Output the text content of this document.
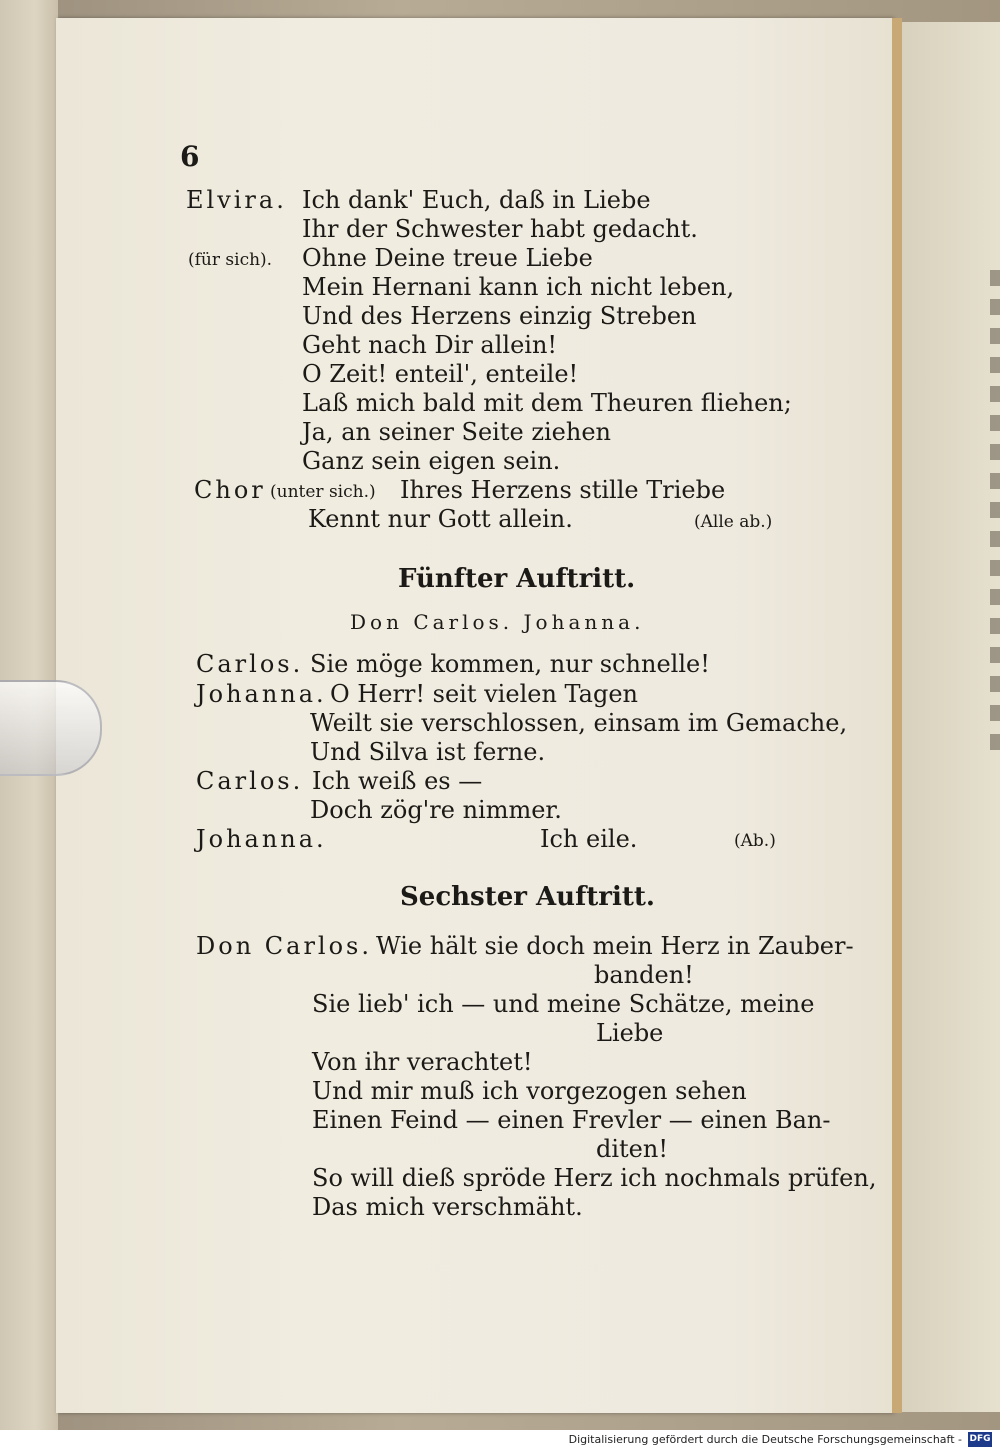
6
Elvira. Ich dank' Euch, daß in Liebe
Ihr der Schwester habt gedacht.
(für sich). Ohne Deine treue Liebe
Mein Hernani kann ich nicht leben,
Und des Herzens einzig Streben
Geht nach Dir allein!
O Zeit! enteil', enteile!
Laß mich bald mit dem Theuren fliehen;
Ja, an seiner Seite ziehen
Ganz sein eigen sein.
Chor (unter sich.) Ihres Herzens stille Triebe
Kennt nur Gott allein.	(Alle ab.)
Fünfter Auftritt.
Don Carlos. Johanna.
Carlos. Sie möge kommen, nur schnelle!
Johanna. O Herr! seit vielen Tagen
Weilt sie verschlossen, einsam im Gemache,
Und Silva ist ferne.
Carlos. Ich weiß es —
Doch zög're nimmer.
Johanna.	Ich eile.	(Ab.)
Sechster Auftritt.
Don Carlos. Wie hält sie doch mein Herz in Zauber-
banden!
Sie lieb' ich — und meine Schätze, meine
Liebe
Von ihr verachtet!
Und mir muß ich vorgezogen sehen
Einen Feind — einen Frevler — einen Ban-
diten!
So will dieß spröde Herz ich nochmals prüfen,
Das mich verschmäht.
Digitalisierung gefördert durch die Deutsche Forschungsgemeinschaft - DFG
